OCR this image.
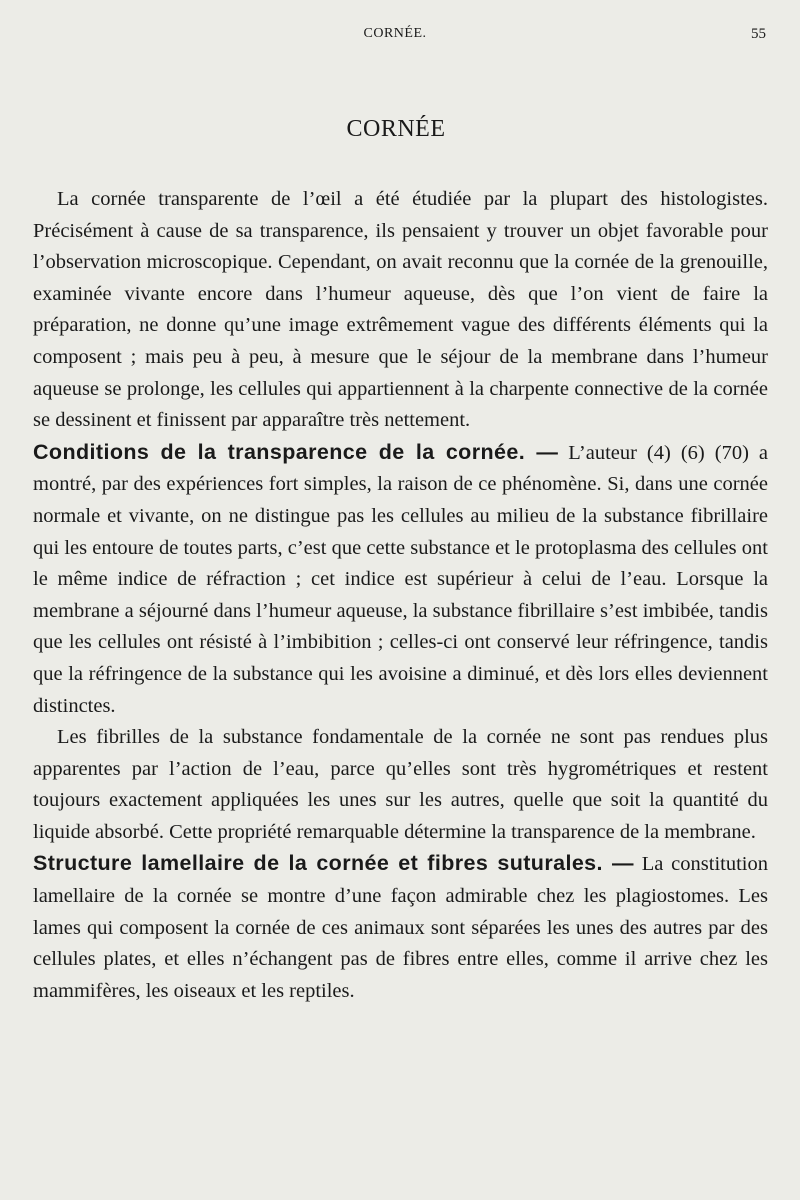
CORNÉE.	55
CORNÉE

La cornée transparente de l’œil a été étudiée par la plupart des histologistes. Précisément à cause de sa transparence, ils pensaient y trouver un objet favorable pour l’observation microscopique. Cependant, on avait reconnu que la cornée de la grenouille, examinée vivante encore dans l’humeur aqueuse, dès que l’on vient de faire la préparation, ne donne qu’une image extrêmement vague des différents éléments qui la composent ; mais peu à peu, à mesure que le séjour de la membrane dans l’humeur aqueuse se prolonge, les cellules qui appartiennent à la charpente connective de la cornée se dessinent et finissent par apparaître très nettement.

Conditions de la transparence de la cornée. — L’auteur (4) (6) (70) a montré, par des expériences fort simples, la raison de ce phénomène. Si, dans une cornée normale et vivante, on ne distingue pas les cellules au milieu de la substance fibrillaire qui les entoure de toutes parts, c’est que cette substance et le protoplasma des cellules ont le même indice de réfraction ; cet indice est supérieur à celui de l’eau. Lorsque la membrane a séjourné dans l’humeur aqueuse, la substance fibrillaire s’est imbibée, tandis que les cellules ont résisté à l’imbibition ; celles-ci ont conservé leur réfringence, tandis que la réfringence de la substance qui les avoisine a diminué, et dès lors elles deviennent distinctes.

Les fibrilles de la substance fondamentale de la cornée ne sont pas rendues plus apparentes par l’action de l’eau, parce qu’elles sont très hygrométriques et restent toujours exactement appliquées les unes sur les autres, quelle que soit la quantité du liquide absorbé. Cette propriété remarquable détermine la transparence de la membrane.

Structure lamellaire de la cornée et fibres suturales. — La constitution lamellaire de la cornée se montre d’une façon admirable chez les plagiostomes. Les lames qui composent la cornée de ces animaux sont séparées les unes des autres par des cellules plates, et elles n’échangent pas de fibres entre elles, comme il arrive chez les mammifères, les oiseaux et les reptiles.
